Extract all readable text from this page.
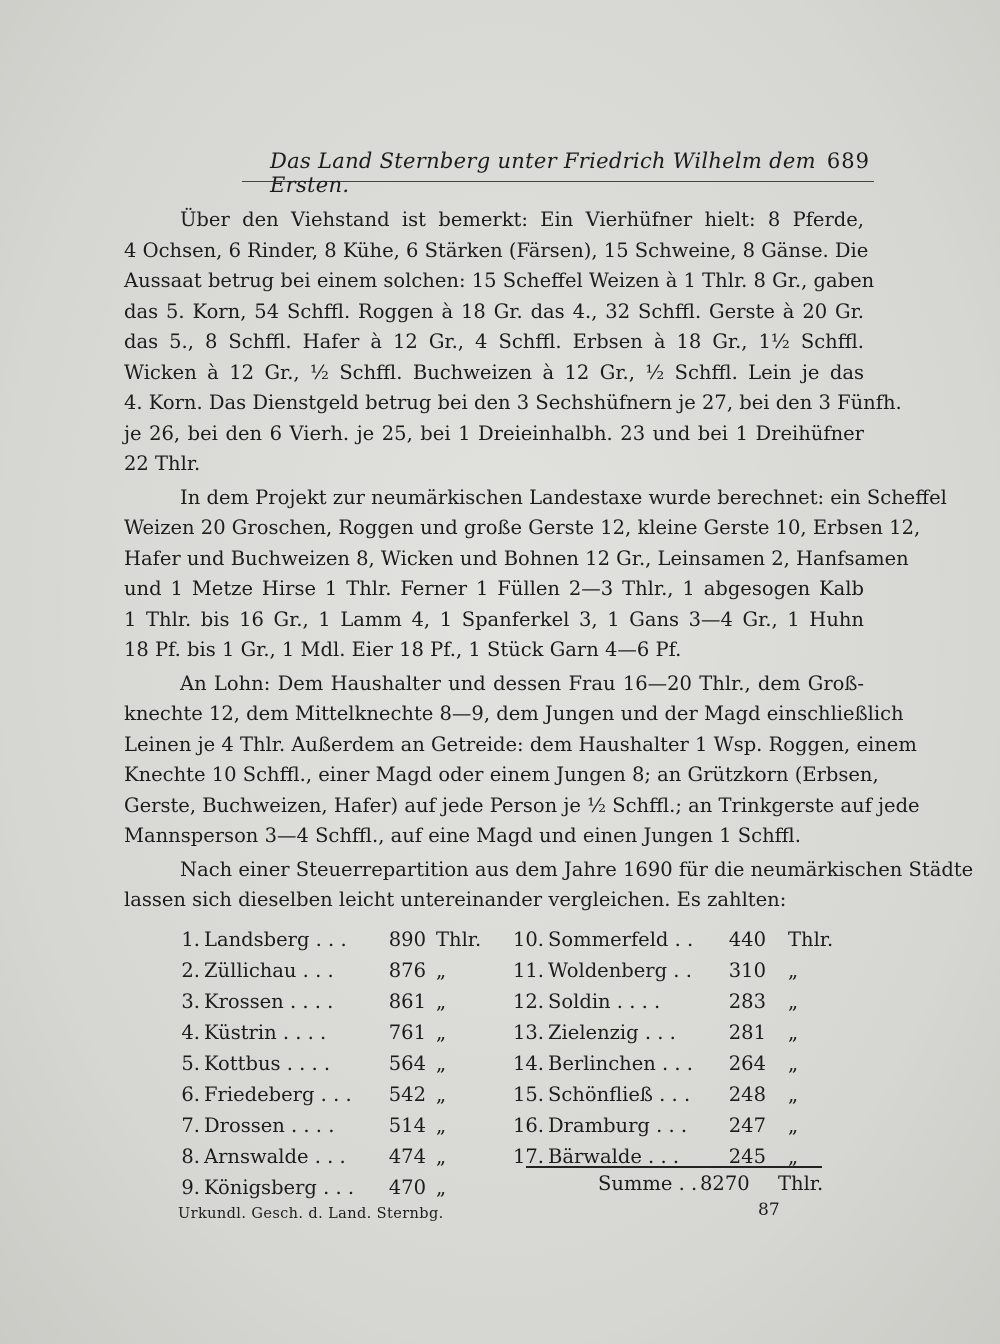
Das Land Sternberg unter Friedrich Wilhelm dem Ersten.
689
Über den Viehstand ist bemerkt: Ein Vierhüfner hielt: 8 Pferde,
4 Ochsen, 6 Rinder, 8 Kühe, 6 Stärken (Färsen), 15 Schweine, 8 Gänse. Die
Aussaat betrug bei einem solchen: 15 Scheffel Weizen à 1 Thlr. 8 Gr., gaben
das 5. Korn, 54 Schffl. Roggen à 18 Gr. das 4., 32 Schffl. Gerste à 20 Gr.
das 5., 8 Schffl. Hafer à 12 Gr., 4 Schffl. Erbsen à 18 Gr., 1½ Schffl.
Wicken à 12 Gr., ½ Schffl. Buchweizen à 12 Gr., ½ Schffl. Lein je das
4. Korn. Das Dienstgeld betrug bei den 3 Sechshüfnern je 27, bei den 3 Fünfh.
je 26, bei den 6 Vierh. je 25, bei 1 Dreieinhalbh. 23 und bei 1 Dreihüfner
22 Thlr.
In dem Projekt zur neumärkischen Landestaxe wurde berechnet: ein Scheffel
Weizen 20 Groschen, Roggen und große Gerste 12, kleine Gerste 10, Erbsen 12,
Hafer und Buchweizen 8, Wicken und Bohnen 12 Gr., Leinsamen 2, Hanfsamen
und 1 Metze Hirse 1 Thlr. Ferner 1 Füllen 2—3 Thlr., 1 abgesogen Kalb
1 Thlr. bis 16 Gr., 1 Lamm 4, 1 Spanferkel 3, 1 Gans 3—4 Gr., 1 Huhn
18 Pf. bis 1 Gr., 1 Mdl. Eier 18 Pf., 1 Stück Garn 4—6 Pf.
An Lohn: Dem Haushalter und dessen Frau 16—20 Thlr., dem Groß-
knechte 12, dem Mittelknechte 8—9, dem Jungen und der Magd einschließlich
Leinen je 4 Thlr. Außerdem an Getreide: dem Haushalter 1 Wsp. Roggen, einem
Knechte 10 Schffl., einer Magd oder einem Jungen 8; an Grützkorn (Erbsen,
Gerste, Buchweizen, Hafer) auf jede Person je ½ Schffl.; an Trinkgerste auf jede
Mannsperson 3—4 Schffl., auf eine Magd und einen Jungen 1 Schffl.
Nach einer Steuerrepartition aus dem Jahre 1690 für die neumärkischen Städte
lassen sich dieselben leicht untereinander vergleichen. Es zahlten:
1. Landsberg . . .	890 Thlr. 10. Sommerfeld . .	440 Thlr.
2. Züllichau . . .	876 „	11. Woldenberg . .	310 „
3. Krossen . . . .	861 „	12. Soldin . . . .	283 „
4. Küstrin . . . .	761 „	13. Zielenzig . . .	281 „
5. Kottbus . . . .	564 „	14. Berlinchen . . .	264 „
6. Friedeberg . . .	542 „	15. Schönfließ . . .	248 „
7. Drossen . . . .	514 „	16. Dramburg . . .	247 „
8. Arnswalde . . .	474 „	17. Bärwalde . . .	245 „
9. Königsberg . . .	470 „	Summe . . 8270 Thlr.
Urkundl. Gesch. d. Land. Sternbg.	87
